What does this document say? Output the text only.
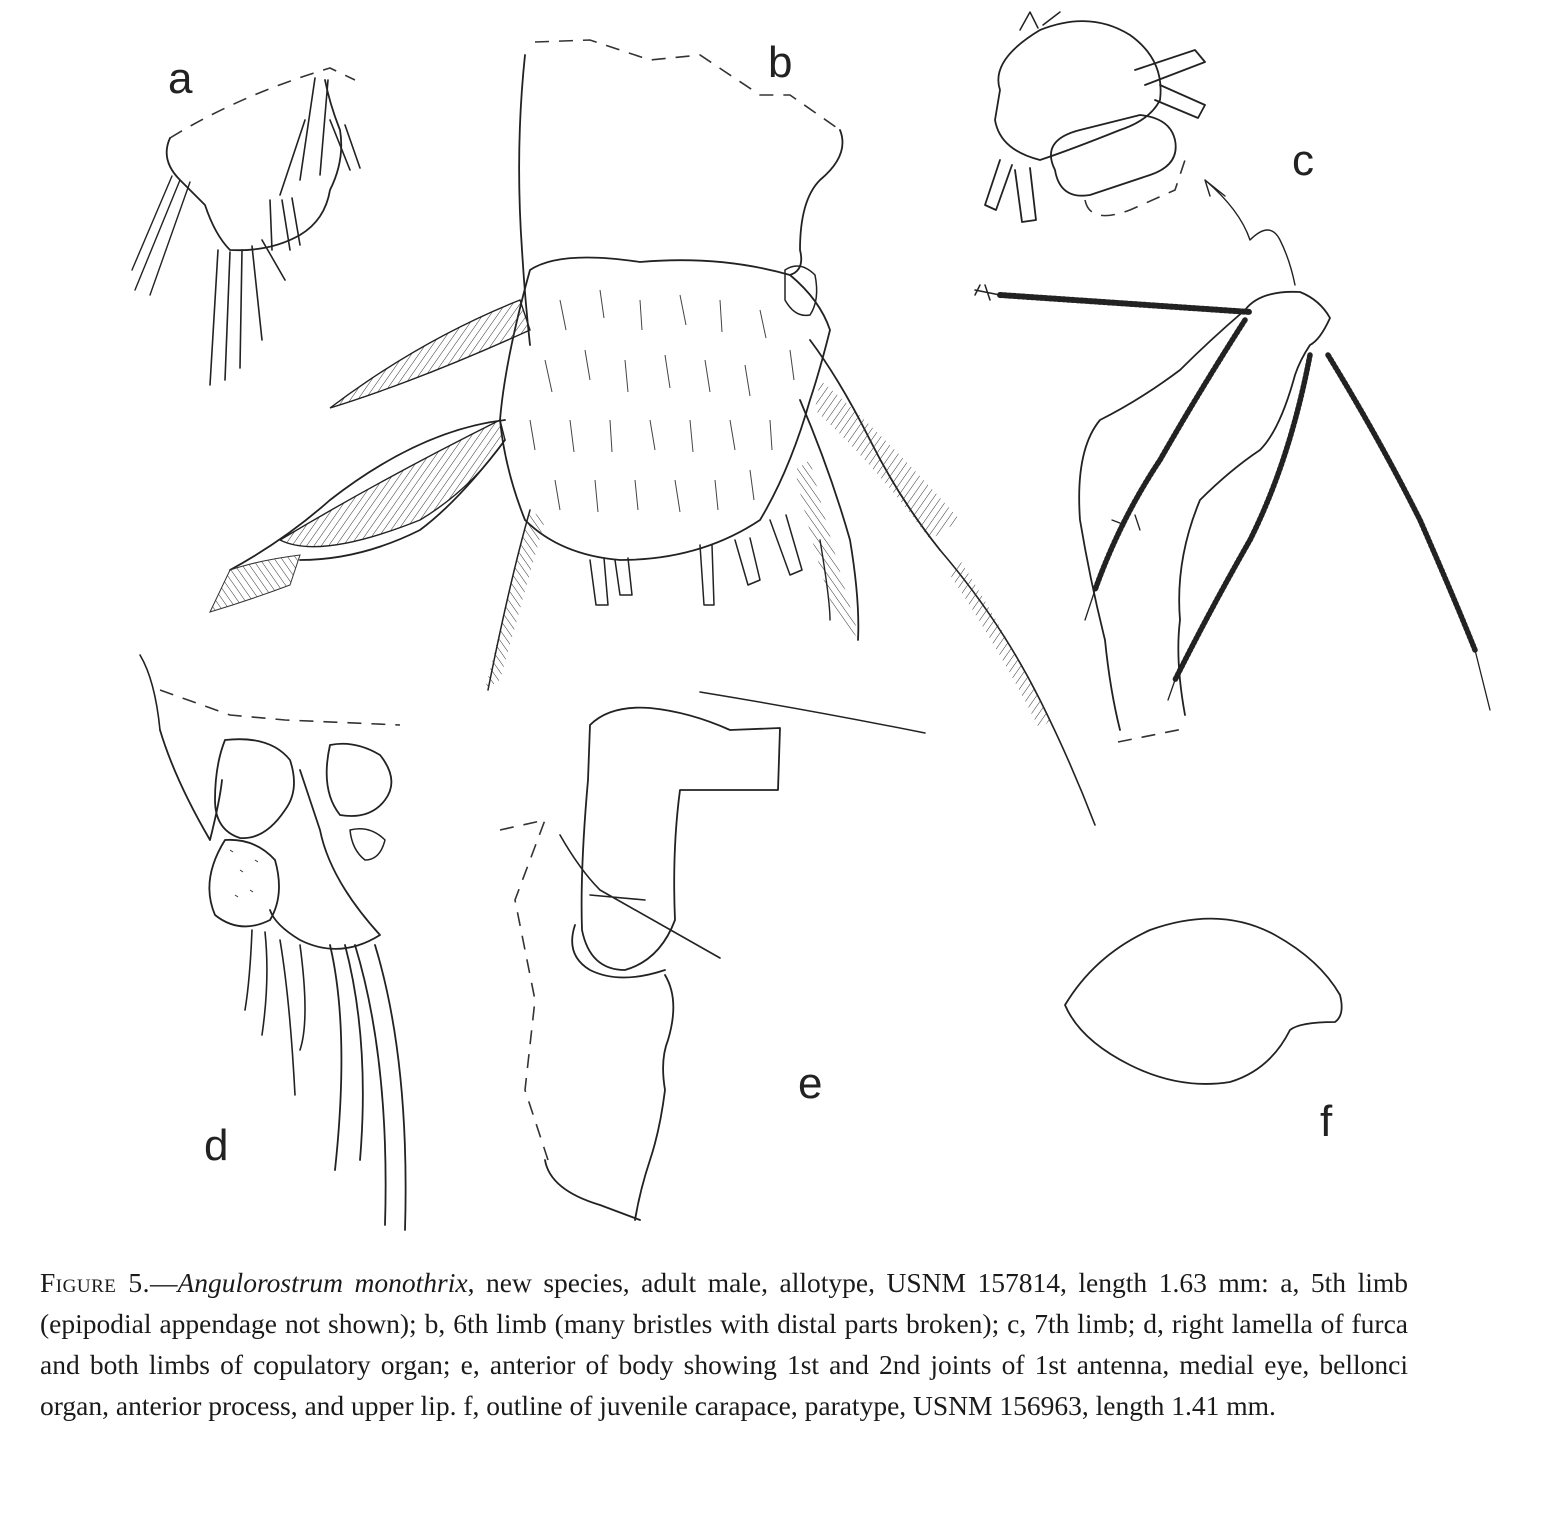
a	b
c
d
e
f

Figure 5.—Angulorostrum monothrix, new species, adult male, allotype, USNM 157814, length 1.63 mm: a, 5th limb (epipodial appendage not shown); b, 6th limb (many bristles with distal parts broken); c, 7th limb; d, right lamella of furca and both limbs of copulatory organ; e, anterior of body showing 1st and 2nd joints of 1st antenna, medial eye, bellonci organ, anterior process, and upper lip. f, outline of juvenile carapace, paratype, USNM 156963, length 1.41 mm.
